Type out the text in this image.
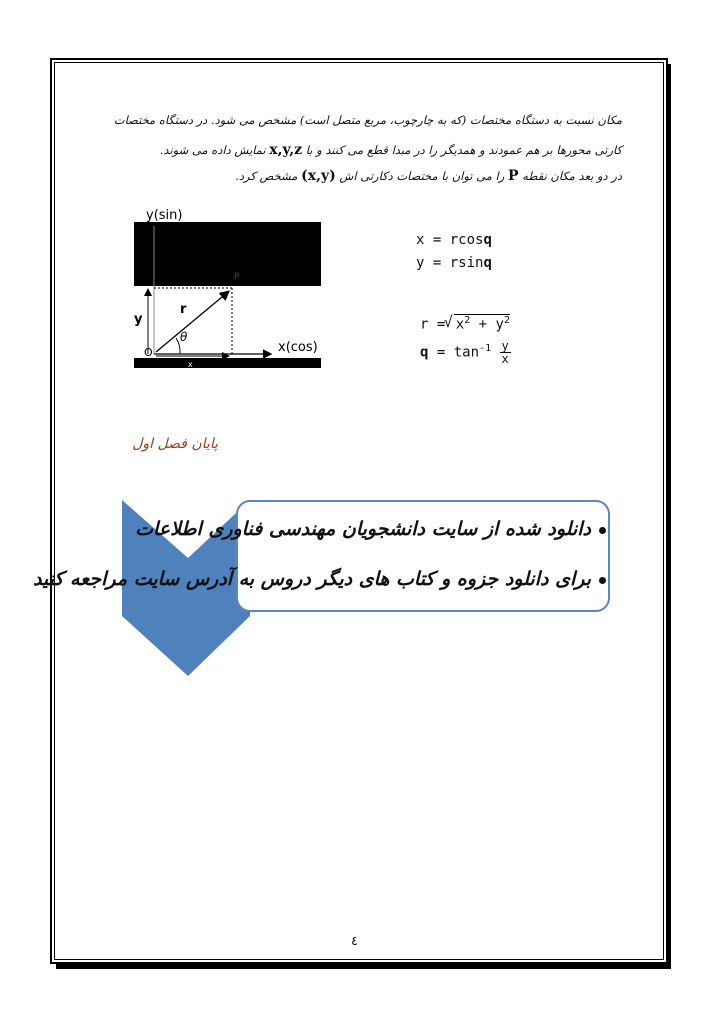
مکان نسبت به دستگاه مختصات (که به چارچوب، مربع متصل است) مشخص می شود. در دستگاه مختصات
کارتی محورها بر هم عمودند و همدیگر را در مبدا قطع می کنند و با x,y,z نمایش داده می شوند.
در دو بعد مکان نقطه P را می توان با مختصات دکارتی اش (x,y) مشخص کرد.
y(sin)
x(cos)
y
r
θ
O
P
x
x = rcosq
y = rsinq
r =
√ $x^2 + y^2$
$q = \tan^{-1} \frac{y}{x}$
پایان فصل اول
دانلود شده از سایت دانشجویان مهندسی فناوری اطلاعات
برای دانلود جزوه و کتاب های دیگر دروس به آدرس سایت مراجعه کنید
٤
